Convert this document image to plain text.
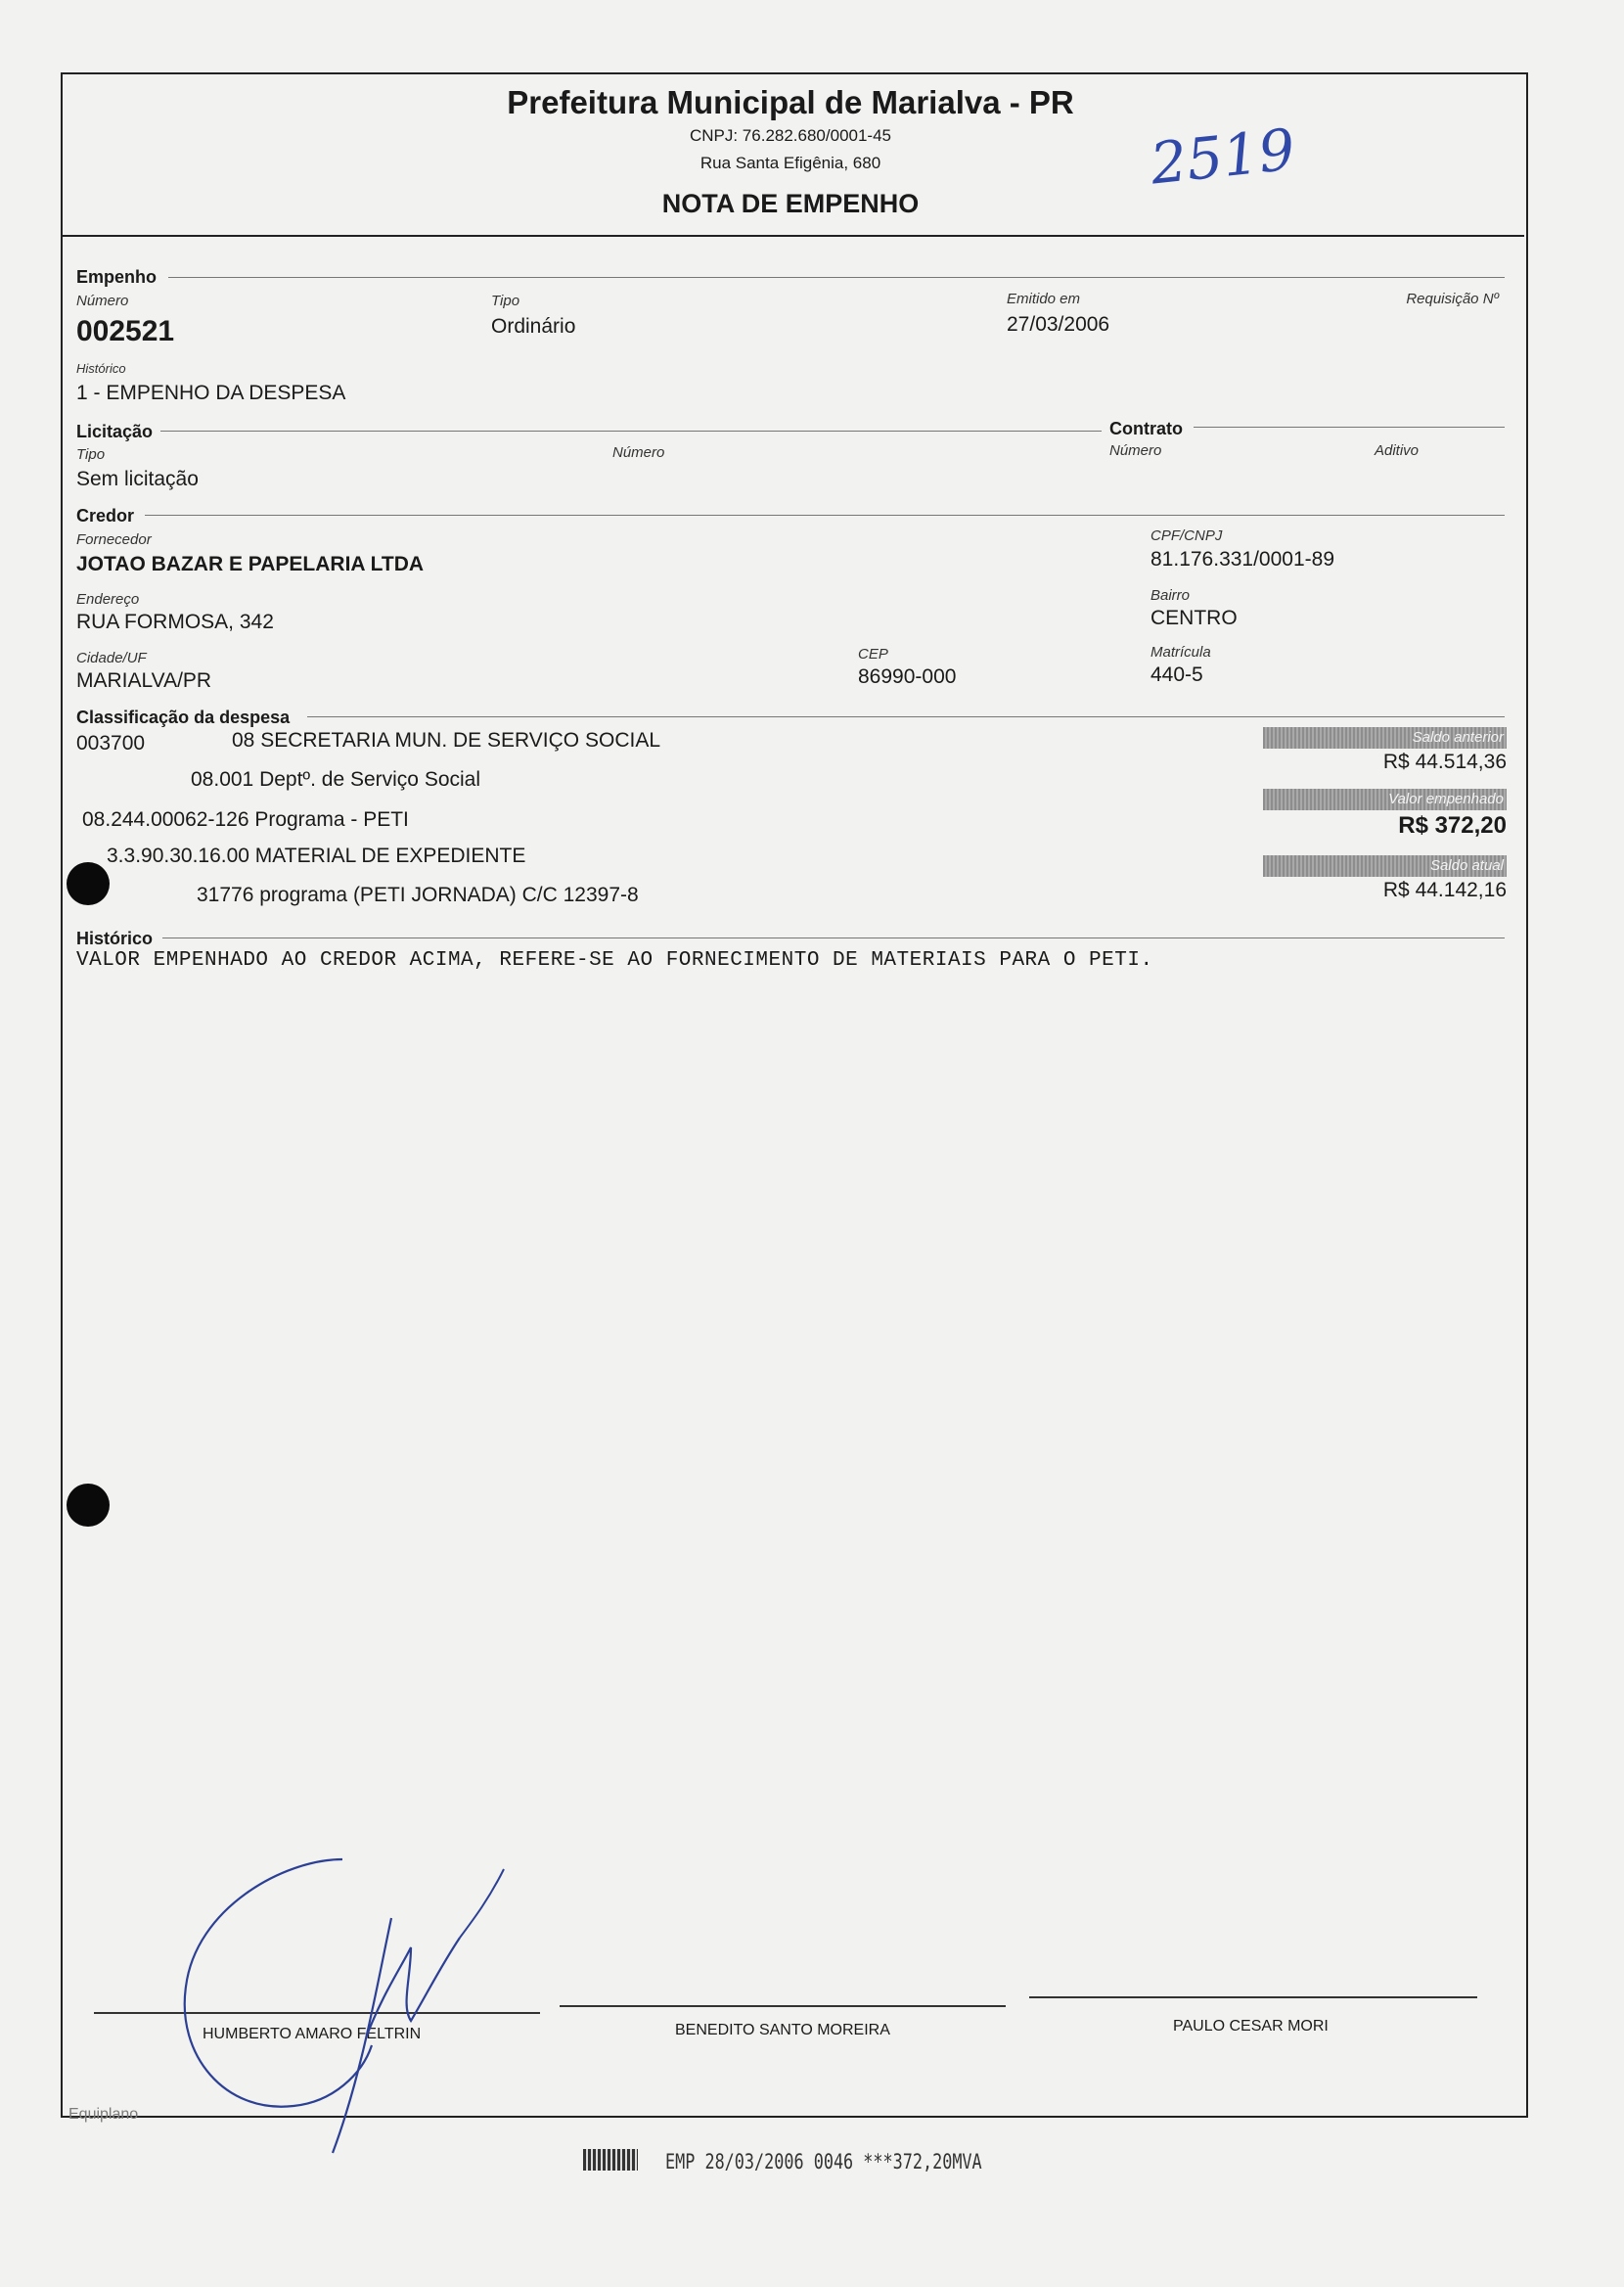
Prefeitura Municipal de Marialva - PR
CNPJ: 76.282.680/0001-45
Rua Santa Efigênia, 680
NOTA DE EMPENHO
2519
Empenho
Número
002521
Tipo
Ordinário
Emitido em
27/03/2006
Requisição Nº
Histórico
1 - EMPENHO DA DESPESA
Licitação
Tipo
Sem licitação
Número
Contrato
Número	Aditivo
Credor
Fornecedor
JOTAO BAZAR E PAPELARIA LTDA
CPF/CNPJ
81.176.331/0001-89
Endereço
RUA FORMOSA, 342
Bairro
CENTRO
Cidade/UF
MARIALVA/PR
CEP
86990-000
Matrícula
440-5
Classificação da despesa
003700	08 SECRETARIA MUN. DE SERVIÇO SOCIAL
08.001 Deptº. de Serviço Social
08.244.00062-126 Programa - PETI
3.3.90.30.16.00 MATERIAL DE EXPEDIENTE
31776 programa (PETI JORNADA) C/C 12397-8
Saldo anterior
R$ 44.514,36
Valor empenhado
R$ 372,20
Saldo atual
R$ 44.142,16
Histórico
VALOR EMPENHADO AO CREDOR ACIMA, REFERE-SE AO FORNECIMENTO DE MATERIAIS PARA O PETI.
HUMBERTO AMARO FELTRIN	BENEDITO SANTO MOREIRA	PAULO CESAR MORI
Equiplano
EMP 28/03/2006 0046 ***372,20MVA
